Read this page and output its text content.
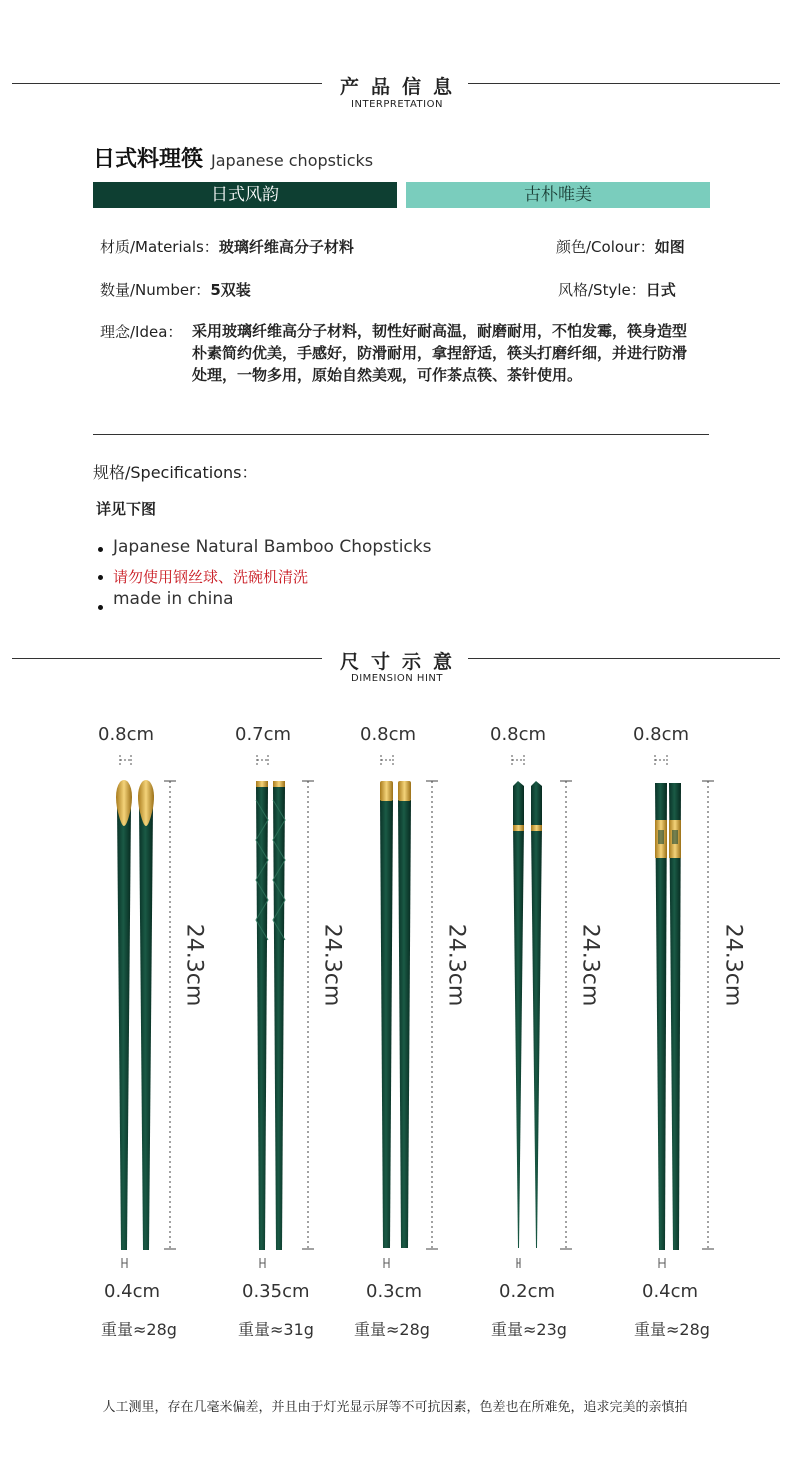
产品信息
INTERPRETATION
日式料理筷 Japanese chopsticks
日式风韵	古朴唯美
材质/Materials：玻璃纤维高分子材料	颜色/Colour：如图
数量/Number：5双装	风格/Style：日式
理念/Idea： 采用玻璃纤维高分子材料，韧性好耐高温，耐磨耐用，不怕发霉，筷身造型朴素简约优美，手感好，防滑耐用，拿捏舒适，筷头打磨纤细，并进行防滑处理，一物多用，原始自然美观，可作茶点筷、茶针使用。
规格/Specifications：
详见下图
Japanese Natural Bamboo Chopsticks
请勿使用钢丝球、洗碗机清洗
made in china
尺寸示意
DIMENSION HINT
0.8cm	0.7cm	0.8cm	0.8cm	0.8cm
24.3cm	24.3cm	24.3cm	24.3cm	24.3cm
0.4cm	0.35cm	0.3cm	0.2cm	0.4cm
重量≈28g	重量≈31g	重量≈28g	重量≈23g	重量≈28g
人工测里，存在几毫米偏差，并且由于灯光显示屏等不可抗因素，色差也在所难免，追求完美的亲慎拍
